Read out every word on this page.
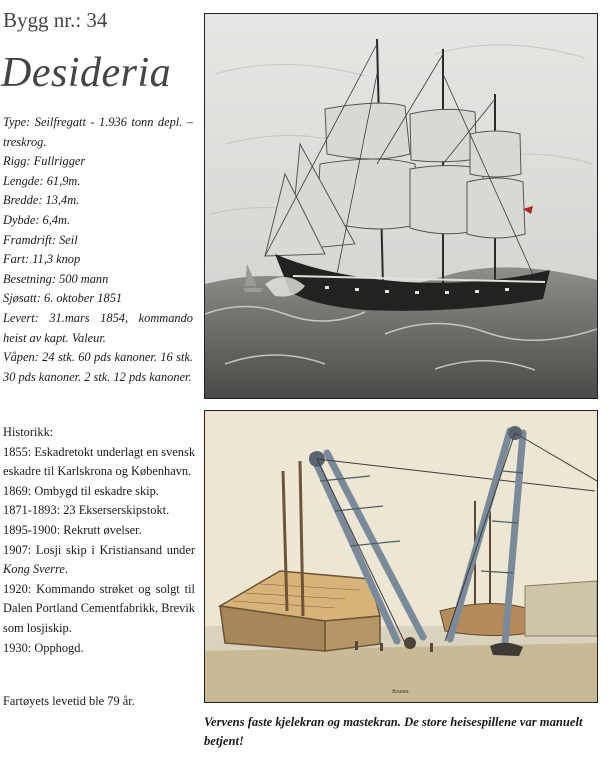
Bygg nr.: 34
Desideria
Type: Seilfregatt - 1.936 tonn depl. – treskrog.
Rigg: Fullrigger
Lengde: 61,9m.
Bredde: 13,4m.
Dybde: 6,4m.
Framdrift: Seil
Fart: 11,3 knop
Besetning: 500 mann
Sjøsatt: 6. oktober 1851
Levert: 31.mars 1854, kommando heist av kapt. Valeur.
Våpen: 24 stk. 60 pds kanoner. 16 stk. 30 pds kanoner. 2 stk. 12 pds kanoner.
Historikk:
1855: Eskadretokt underlagt en svensk eskadre til Karlskrona og København.
1869: Ombygd til eskadre skip.
1871-1893: 23 Ekserserskipstokt.
1895-1900: Rekrutt øvelser.
1907: Losji skip i Kristiansand under Kong Sverre.
1920: Kommando strøket og solgt til Dalen Portland Cementfabrikk, Brevik som losjiskip.
1930: Opphogd.
Fartøyets levetid ble 79 år.
Kraner.
Vervens faste kjelekran og mastekran. De store heisespillene var manuelt betjent!
